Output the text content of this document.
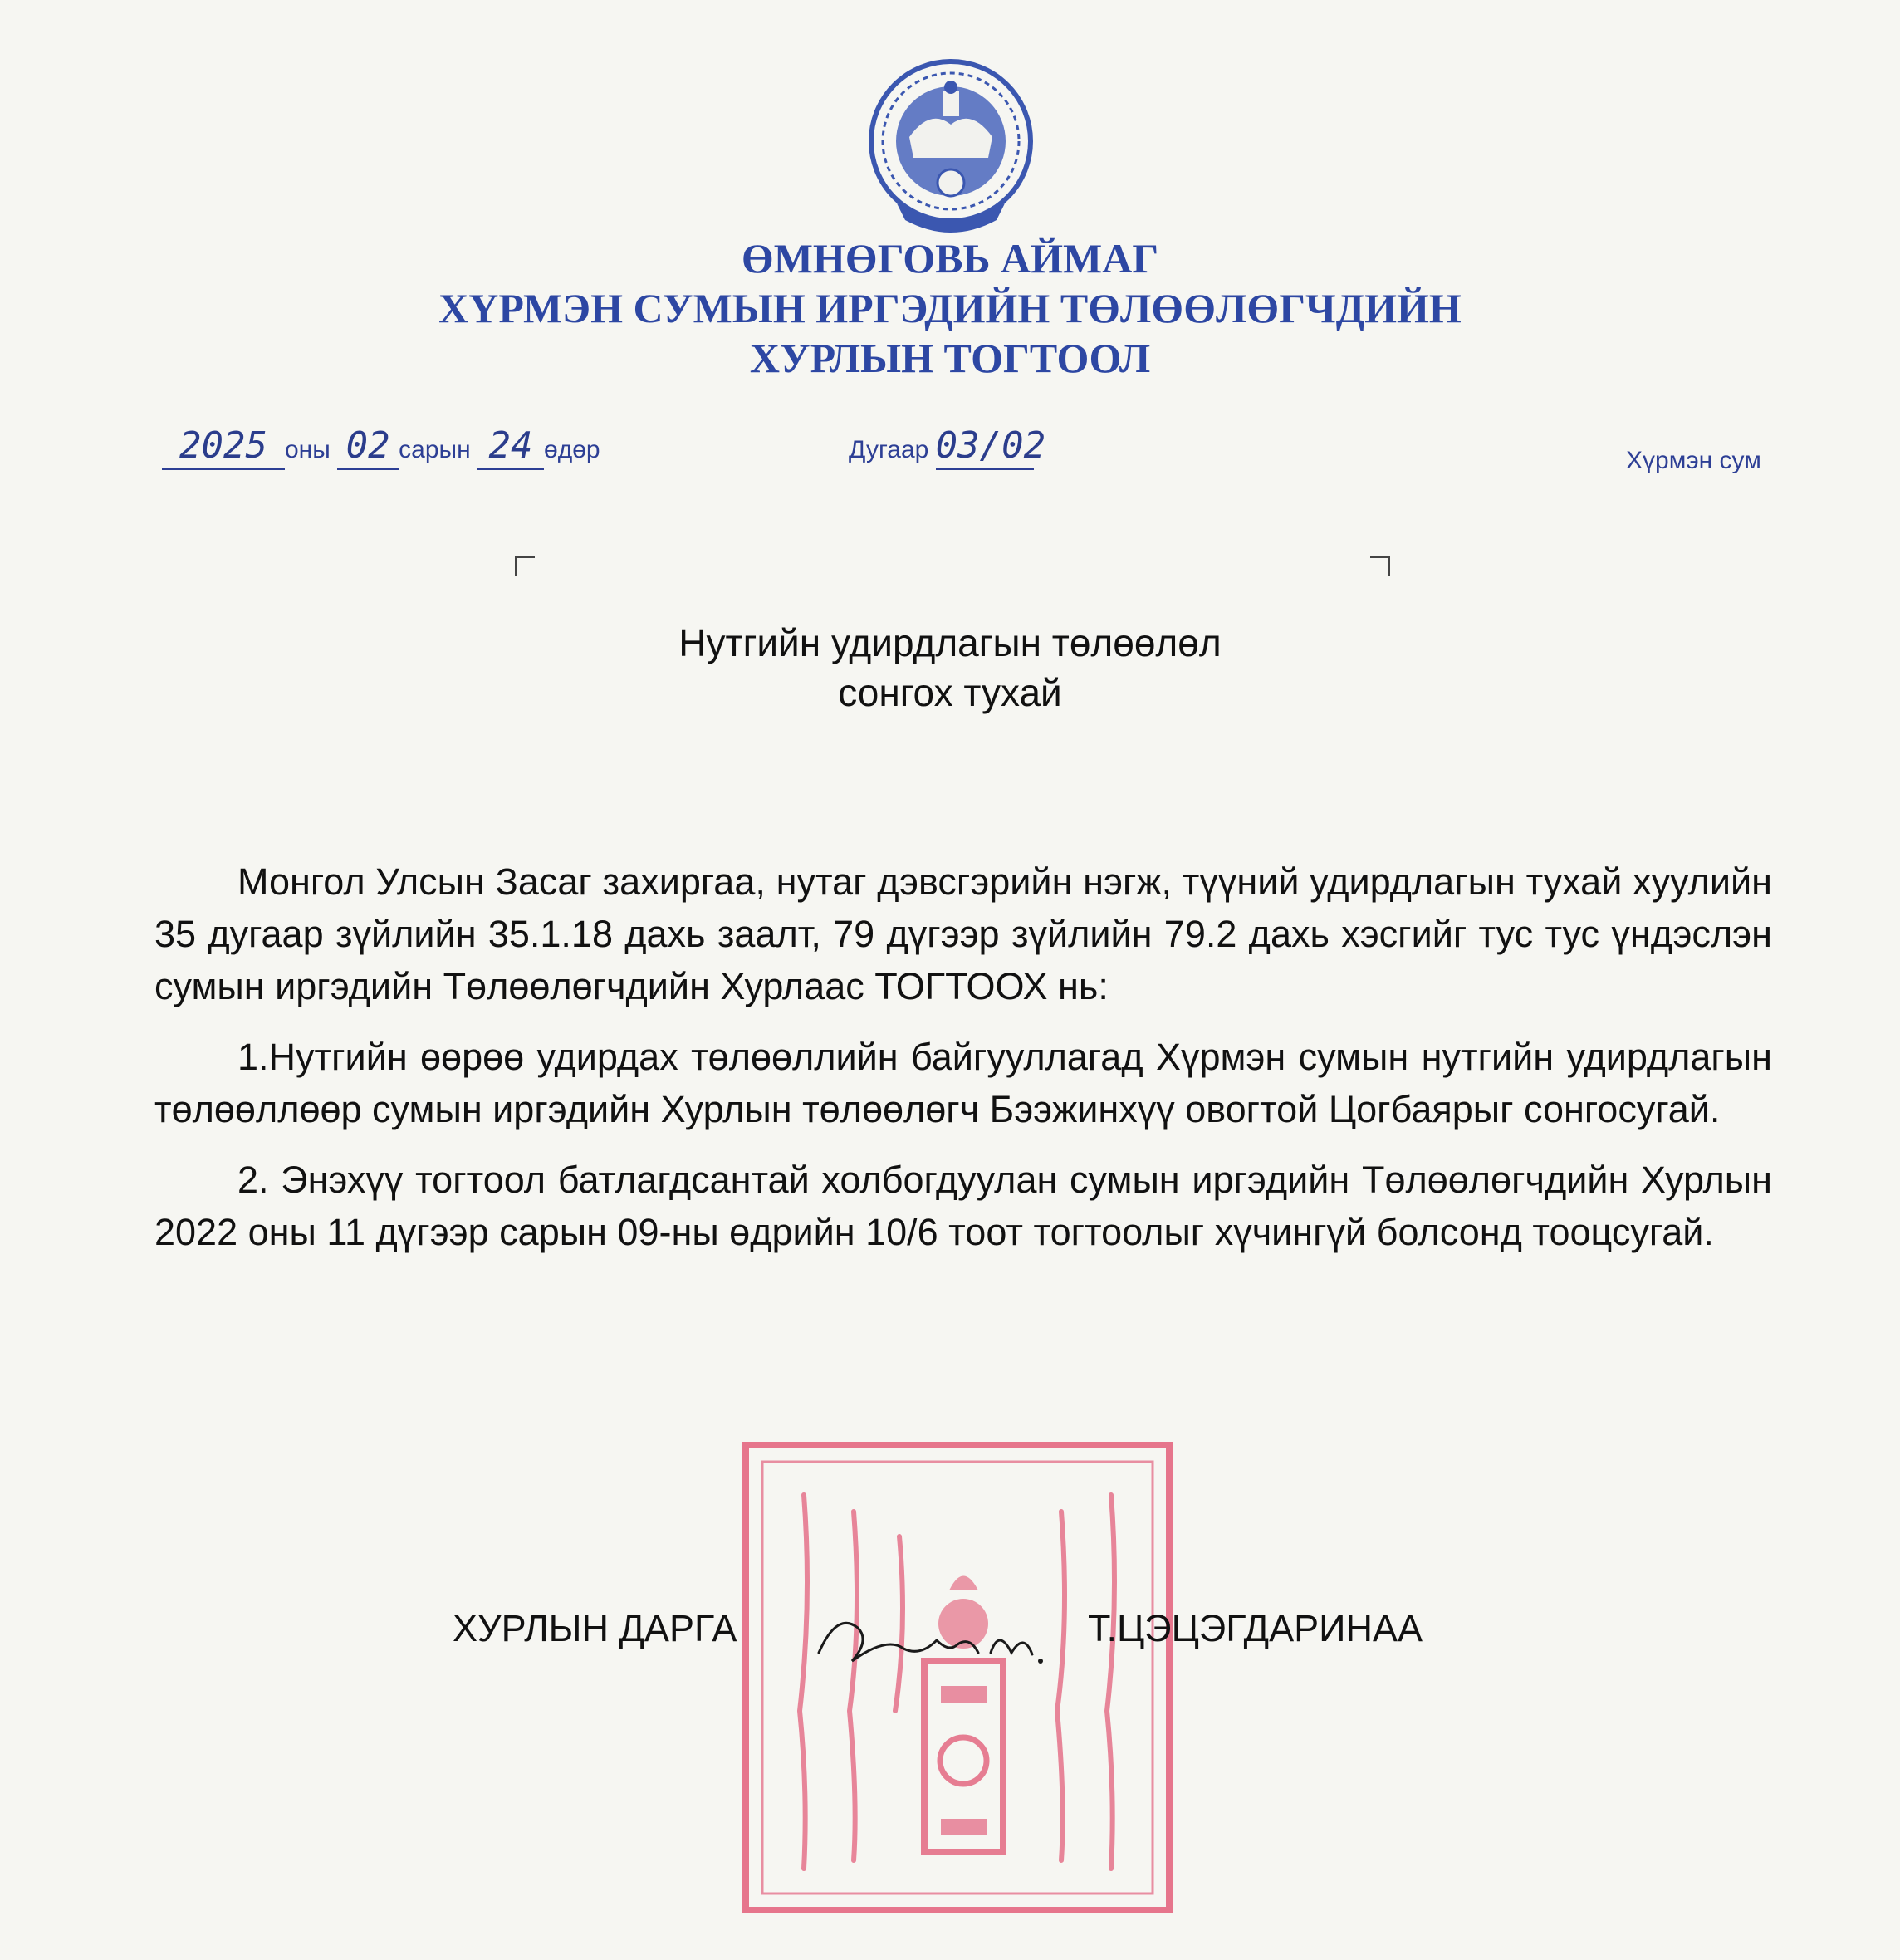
ӨМНӨГОВЬ АЙМАГ
ХҮРМЭН СУМЫН ИРГЭДИЙН ТӨЛӨӨЛӨГЧДИЙН
ХУРЛЫН ТОГТООЛ
2025 оны 02 сарын 24 өдөр	Дугаар 03/02	Хүрмэн сум
Нутгийн удирдлагын төлөөлөл
сонгох тухай

Монгол Улсын Засаг захиргаа, нутаг дэвсгэрийн нэгж, түүний удирдлагын тухай хуулийн 35 дугаар зүйлийн 35.1.18 дахь заалт, 79 дүгээр зүйлийн 79.2 дахь хэсгийг тус тус үндэслэн сумын иргэдийн Төлөөлөгчдийн Хурлаас ТОГТООХ нь:

1.Нутгийн өөрөө удирдах төлөөллийн байгууллагад Хүрмэн сумын нутгийн удирдлагын төлөөллөөр сумын иргэдийн Хурлын төлөөлөгч Бээжинхүү овогтой Цогбаярыг сонгосугай.

2. Энэхүү тогтоол батлагдсантай холбогдуулан сумын иргэдийн Төлөөлөгчдийн Хурлын 2022 оны 11 дүгээр сарын 09-ны өдрийн 10/6 тоот тогтоолыг хүчингүй болсонд тооцсугай.

ХУРЛЫН ДАРГА	Т.ЦЭЦЭГДАРИНАА
